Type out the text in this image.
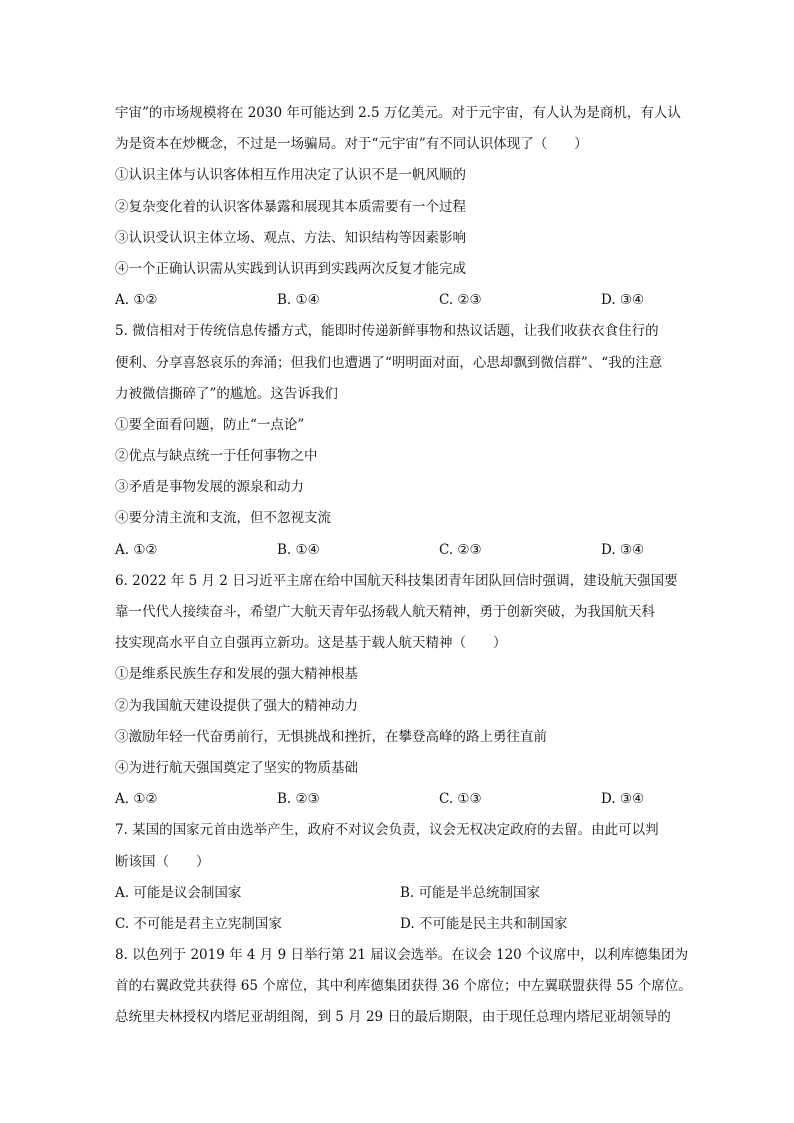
宇宙”的市场规模将在 2030 年可能达到 2.5 万亿美元。对于元宇宙，有人认为是商机，有人认
为是资本在炒概念，不过是一场骗局。对于“元宇宙”有不同认识体现了（　　）
①认识主体与认识客体相互作用决定了认识不是一帆风顺的
②复杂变化着的认识客体暴露和展现其本质需要有一个过程
③认识受认识主体立场、观点、方法、知识结构等因素影响
④一个正确认识需从实践到认识再到实践两次反复才能完成
A. ①②	B. ①④	C. ②③	D. ③④
5. 微信相对于传统信息传播方式，能即时传递新鲜事物和热议话题，让我们收获衣食住行的
便利、分享喜怒哀乐的奔涌；但我们也遭遇了“明明面对面，心思却飘到微信群”、“我的注意
力被微信撕碎了”的尴尬。这告诉我们
①要全面看问题，防止“一点论”
②优点与缺点统一于任何事物之中
③矛盾是事物发展的源泉和动力
④要分清主流和支流，但不忽视支流
A. ①②	B. ①④	C. ②③	D. ③④
6. 2022 年 5 月 2 日习近平主席在给中国航天科技集团青年团队回信时强调，建设航天强国要
靠一代代人接续奋斗，希望广大航天青年弘扬载人航天精神，勇于创新突破，为我国航天科
技实现高水平自立自强再立新功。这是基于载人航天精神（　　）
①是维系民族生存和发展的强大精神根基
②为我国航天建设提供了强大的精神动力
③激励年轻一代奋勇前行，无惧挑战和挫折，在攀登高峰的路上勇往直前
④为进行航天强国奠定了坚实的物质基础
A. ①②	B. ②③	C. ①③	D. ③④
7. 某国的国家元首由选举产生，政府不对议会负责，议会无权决定政府的去留。由此可以判
断该国（　　）
A. 可能是议会制国家	B. 可能是半总统制国家
C. 不可能是君主立宪制国家	D. 不可能是民主共和制国家
8. 以色列于 2019 年 4 月 9 日举行第 21 届议会选举。在议会 120 个议席中，以利库德集团为
首的右翼政党共获得 65 个席位，其中利库德集团获得 36 个席位；中左翼联盟获得 55 个席位。
总统里夫林授权内塔尼亚胡组阁，到 5 月 29 日的最后期限，由于现任总理内塔尼亚胡领导的
